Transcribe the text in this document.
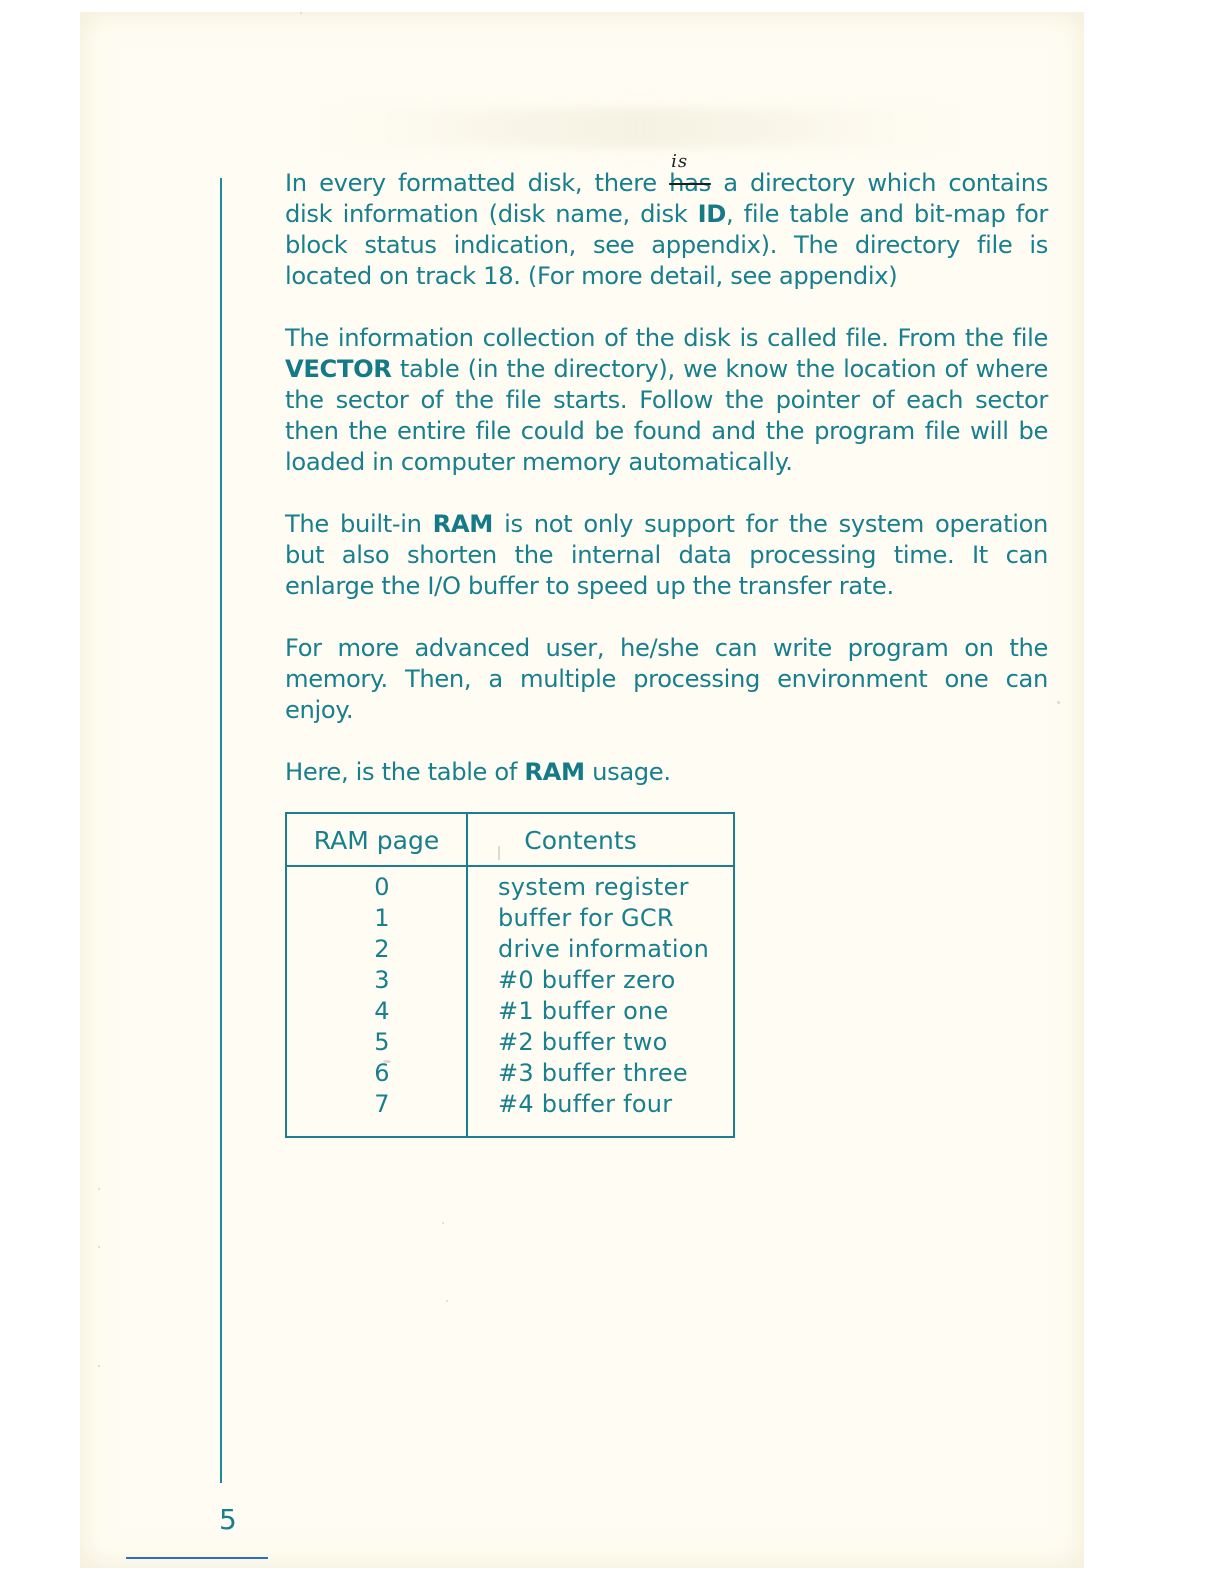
In every formatted disk, there has
is
a directory which contains disk information (disk name, disk ID, file table and bit-map for block status indication, see appendix). The directory file is located on track 18. (For more detail, see appendix)

The information collection of the disk is called file. From the file VECTOR table (in the directory), we know the location of where the sector of the file starts. Follow the pointer of each sector then the entire file could be found and the program file will be loaded in computer memory automatically.

The built-in RAM is not only support for the system operation but also shorten the internal data processing time. It can enlarge the I/O buffer to speed up the transfer rate.

For more advanced user, he/she can write program on the memory. Then, a multiple processing environment one can enjoy.

Here, is the table of RAM usage.

RAM page	Contents
0	system register
1	buffer for GCR
2	drive information
3	#0 buffer zero
4	#1 buffer one
5	#2 buffer two
6	#3 buffer three
7	#4 buffer four
5
